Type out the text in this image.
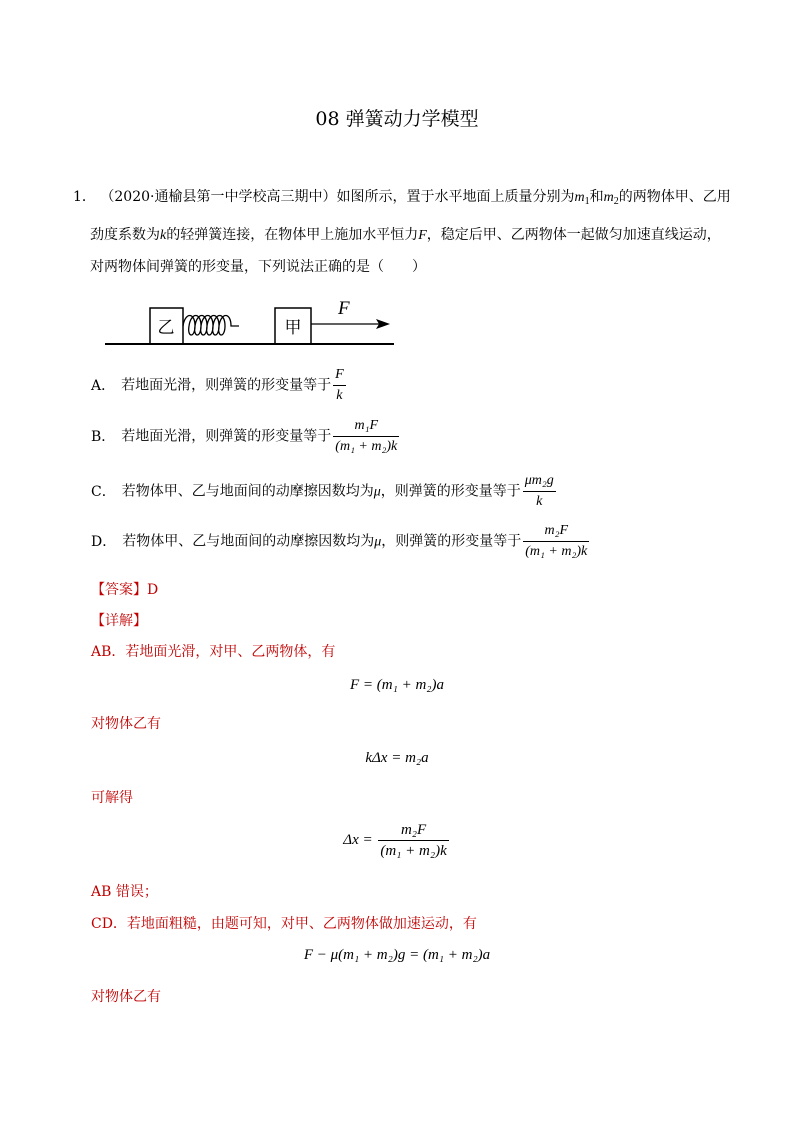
08 弹簧动力学模型
1． （2020·通榆县第一中学校高三期中）如图所示，置于水平地面上质量分别为$m_1$和$m_2$的两物体甲、乙用
劲度系数为k的轻弹簧连接，在物体甲上施加水平恒力F，稳定后甲、乙两物体一起做匀加速直线运动，
对两物体间弹簧的形变量，下列说法正确的是（　　）
乙	甲
F
A． 若地面光滑，则弹簧的形变量等于 $\frac{F}{k}$
B． 若地面光滑，则弹簧的形变量等于 $\frac{\text{m₁F}}{\text{(m₁ + m₂)k}}$
C． 若物体甲、乙与地面间的动摩擦因数均为μ，则弹簧的形变量等于 $\frac{\text{μm₂g}}{k}$
D． 若物体甲、乙与地面间的动摩擦因数均为μ，则弹簧的形变量等于 $\frac{\text{m₂F}}{\text{(m₁ + m₂)k}}$
【答案】D
【详解】
AB．若地面光滑，对甲、乙两物体，有
F = (m₁ + m₂)a
对物体乙有
kΔx = m₂a
可解得
$\Delta x = \frac{\text{m₂F}}{\text{(m₁ + m₂)k}}$
AB 错误；
CD．若地面粗糙，由题可知，对甲、乙两物体做加速运动，有
F − μ(m₁ + m₂)g = (m₁ + m₂)a
对物体乙有
